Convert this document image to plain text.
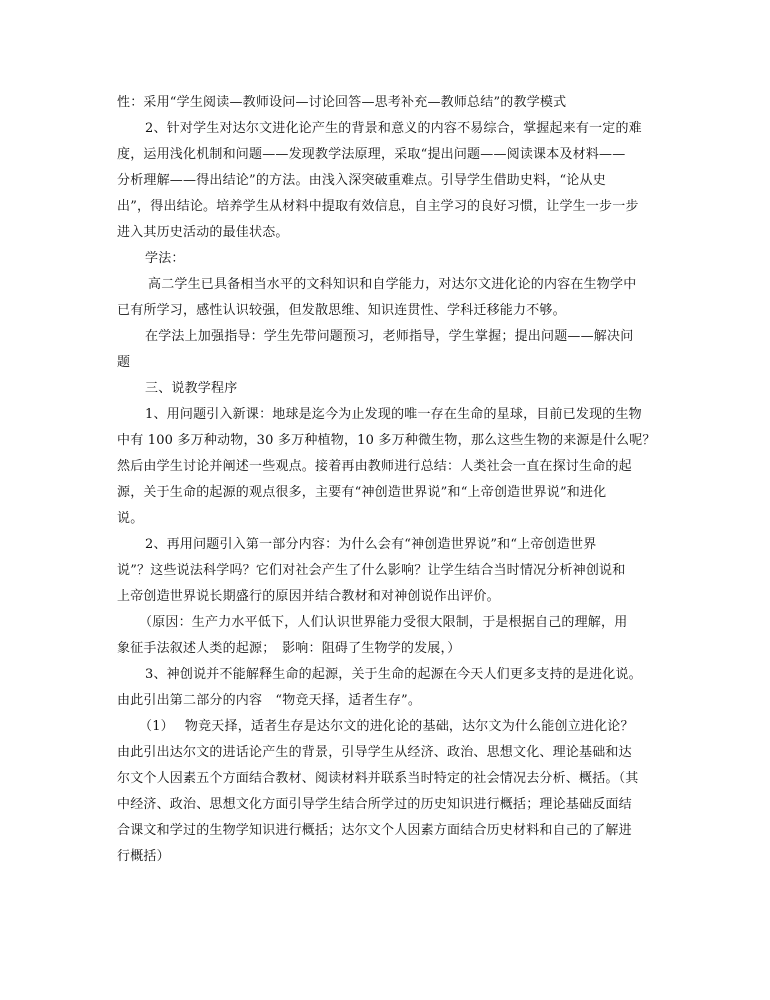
性：采用“学生阅读—教师设问—讨论回答—思考补充—教师总结”的教学模式
2、针对学生对达尔文进化论产生的背景和意义的内容不易综合，掌握起来有一定的难
度，运用浅化机制和问题——发现教学法原理，采取“提出问题——阅读课本及材料——
分析理解——得出结论”的方法。由浅入深突破重难点。引导学生借助史料，“论从史
出”，得出结论。培养学生从材料中提取有效信息，自主学习的良好习惯，让学生一步一步
进入其历史活动的最佳状态。
学法：
高二学生已具备相当水平的文科知识和自学能力，对达尔文进化论的内容在生物学中
已有所学习，感性认识较强，但发散思维、知识连贯性、学科迁移能力不够。
在学法上加强指导：学生先带问题预习，老师指导，学生掌握；提出问题——解决问
题
三、说教学程序
1、用问题引入新课：地球是迄今为止发现的唯一存在生命的星球，目前已发现的生物
中有 100 多万种动物，30 多万种植物，10 多万种微生物，那么这些生物的来源是什么呢？
然后由学生讨论并阐述一些观点。接着再由教师进行总结：人类社会一直在探讨生命的起
源，关于生命的起源的观点很多，主要有“神创造世界说”和“上帝创造世界说”和进化
说。
2、再用问题引入第一部分内容：为什么会有“神创造世界说”和“上帝创造世界
说”？这些说法科学吗？它们对社会产生了什么影响？让学生结合当时情况分析神创说和
上帝创造世界说长期盛行的原因并结合教材和对神创说作出评价。
（原因：生产力水平低下，人们认识世界能力受很大限制，于是根据自己的理解，用
象征手法叙述人类的起源；　影响：阻碍了生物学的发展，）
3、神创说并不能解释生命的起源，关于生命的起源在今天人们更多支持的是进化说。
由此引出第二部分的内容　“物竞天择，适者生存”。
（1）　 物竞天择，适者生存是达尔文的进化论的基础，达尔文为什么能创立进化论？
由此引出达尔文的进话论产生的背景，引导学生从经济、政治、思想文化、理论基础和达
尔文个人因素五个方面结合教材、阅读材料并联系当时特定的社会情况去分析、概括。（其
中经济、政治、思想文化方面引导学生结合所学过的历史知识进行概括；理论基础反面结
合课文和学过的生物学知识进行概括；达尔文个人因素方面结合历史材料和自己的了解进
行概括）
